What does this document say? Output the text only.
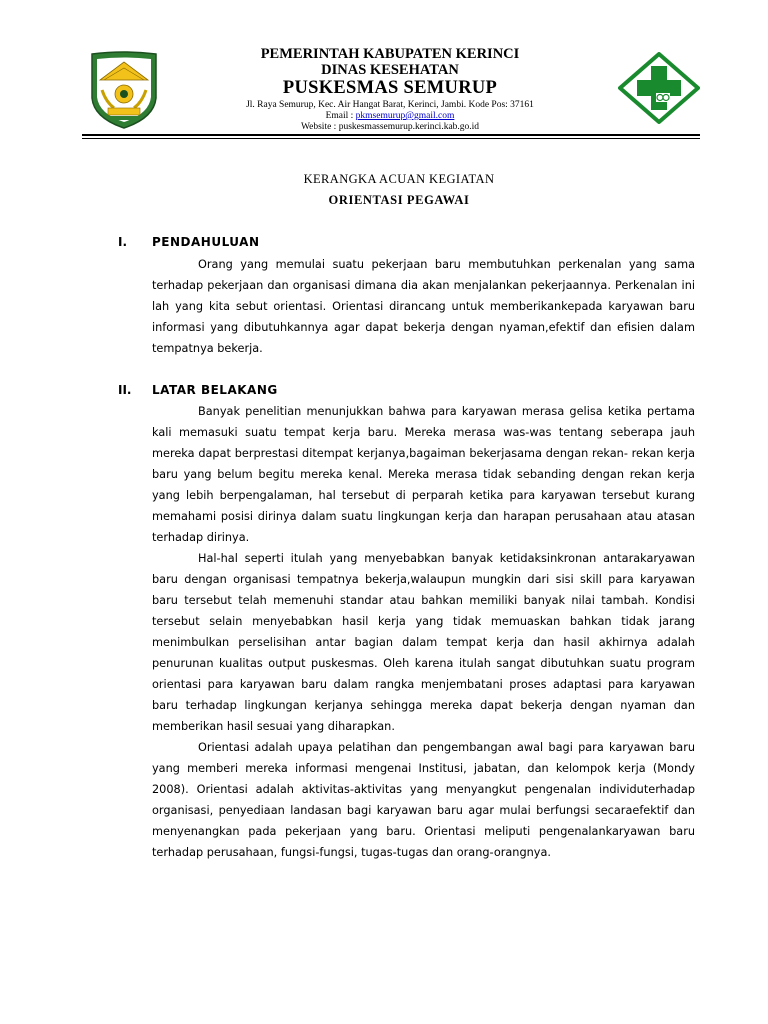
PEMERINTAH KABUPATEN KERINCI
DINAS KESEHATAN
PUSKESMAS SEMURUP
Jl. Raya Semurup, Kec. Air Hangat Barat, Kerinci, Jambi. Kode Pos: 37161
Email : pkmsemurup@gmail.com
Website : puskesmassemurup.kerinci.kab.go.id
KERANGKA ACUAN KEGIATAN
ORIENTASI PEGAWAI
I. PENDAHULUAN

Orang yang memulai suatu pekerjaan baru membutuhkan perkenalan yang sama terhadap pekerjaan dan organisasi dimana dia akan menjalankan pekerjaannya. Perkenalan ini lah yang kita sebut orientasi. Orientasi dirancang untuk memberikankepada karyawan baru informasi yang dibutuhkannya agar dapat bekerja dengan nyaman,efektif dan efisien dalam tempatnya bekerja.

II. LATAR BELAKANG

Banyak penelitian menunjukkan bahwa para karyawan merasa gelisa ketika pertama kali memasuki suatu tempat kerja baru. Mereka merasa was-was tentang seberapa jauh mereka dapat berprestasi ditempat kerjanya,bagaiman bekerjasama dengan rekan- rekan kerja baru yang belum begitu mereka kenal. Mereka merasa tidak sebanding dengan rekan kerja yang lebih berpengalaman, hal tersebut di perparah ketika para karyawan tersebut kurang memahami posisi dirinya dalam suatu lingkungan kerja dan harapan perusahaan atau atasan terhadap dirinya.

Hal-hal seperti itulah yang menyebabkan banyak ketidaksinkronan antarakaryawan baru dengan organisasi tempatnya bekerja,walaupun mungkin dari sisi skill para karyawan baru tersebut telah memenuhi standar atau bahkan memiliki banyak nilai tambah. Kondisi tersebut selain menyebabkan hasil kerja yang tidak memuaskan bahkan tidak jarang menimbulkan perselisihan antar bagian dalam tempat kerja dan hasil akhirnya adalah penurunan kualitas output puskesmas. Oleh karena itulah sangat dibutuhkan suatu program orientasi para karyawan baru dalam rangka menjembatani proses adaptasi para karyawan baru terhadap lingkungan kerjanya sehingga mereka dapat bekerja dengan nyaman dan memberikan hasil sesuai yang diharapkan.

Orientasi adalah upaya pelatihan dan pengembangan awal bagi para karyawan baru yang memberi mereka informasi mengenai Institusi, jabatan, dan kelompok kerja (Mondy 2008). Orientasi adalah aktivitas-aktivitas yang menyangkut pengenalan individuterhadap organisasi, penyediaan landasan bagi karyawan baru agar mulai berfungsi secaraefektif dan menyenangkan pada pekerjaan yang baru. Orientasi meliputi pengenalankaryawan baru terhadap perusahaan, fungsi-fungsi, tugas-tugas dan orang-orangnya.
